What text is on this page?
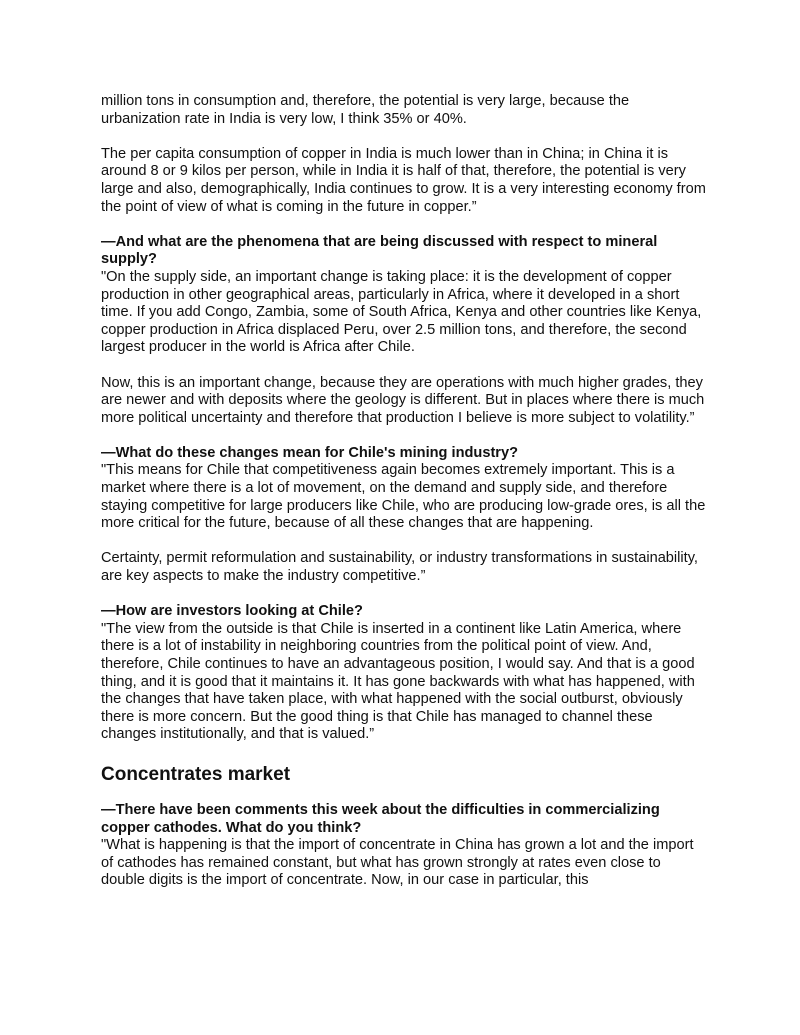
million tons in consumption and, therefore, the potential is very large, because the urbanization rate in India is very low, I think 35% or 40%.

The per capita consumption of copper in India is much lower than in China; in China it is around 8 or 9 kilos per person, while in India it is half of that, therefore, the potential is very large and also, demographically, India continues to grow. It is a very interesting economy from the point of view of what is coming in the future in copper.”

—And what are the phenomena that are being discussed with respect to mineral supply?

"On the supply side, an important change is taking place: it is the development of copper production in other geographical areas, particularly in Africa, where it developed in a short time. If you add Congo, Zambia, some of South Africa, Kenya and other countries like Kenya, copper production in Africa displaced Peru, over 2.5 million tons, and therefore, the second largest producer in the world is Africa after Chile.

Now, this is an important change, because they are operations with much higher grades, they are newer and with deposits where the geology is different. But in places where there is much more political uncertainty and therefore that production I believe is more subject to volatility.”

—What do these changes mean for Chile's mining industry?

"This means for Chile that competitiveness again becomes extremely important. This is a market where there is a lot of movement, on the demand and supply side, and therefore staying competitive for large producers like Chile, who are producing low-grade ores, is all the more critical for the future, because of all these changes that are happening.

Certainty, permit reformulation and sustainability, or industry transformations in sustainability, are key aspects to make the industry competitive.”

—How are investors looking at Chile?

"The view from the outside is that Chile is inserted in a continent like Latin America, where there is a lot of instability in neighboring countries from the political point of view. And, therefore, Chile continues to have an advantageous position, I would say. And that is a good thing, and it is good that it maintains it. It has gone backwards with what has happened, with the changes that have taken place, with what happened with the social outburst, obviously there is more concern. But the good thing is that Chile has managed to channel these changes institutionally, and that is valued.”

Concentrates market

—There have been comments this week about the difficulties in commercializing copper cathodes. What do you think?

"What is happening is that the import of concentrate in China has grown a lot and the import of cathodes has remained constant, but what has grown strongly at rates even close to double digits is the import of concentrate. Now, in our case in particular, this
